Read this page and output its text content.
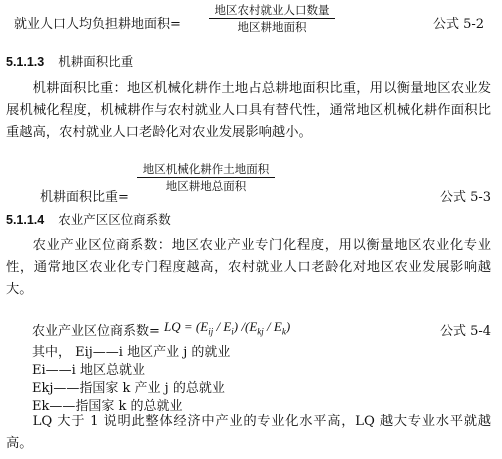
就业人口人均负担耕地面积=
地区农村就业人口数量
地区耕地面积	公式 5-2
5.1.1.3 机耕面积比重
机耕面积比重：地区机械化耕作土地占总耕地面积比重，用以衡量地区农业发展机械化程度，机械耕作与农村就业人口具有替代性，通常地区机械化耕作面积比重越高，农村就业人口老龄化对农业发展影响越小。
机耕面积比重=
地区机械化耕作土地面积
地区耕地总面积
公式 5-3
5.1.1.4 农业产区区位商系数
农业产业区位商系数：地区农业产业专门化程度，用以衡量地区农业化专业性，通常地区农业化专门程度越高，农村就业人口老龄化对地区农业发展影响越大。
农业产业区位商系数= LQ = $(E_{ij} / E_i)$ $/(E_{kj} / E_k)$	公式 5-4
其中， Eij——i 地区产业 j 的就业
Ei——i 地区总就业
Ekj——指国家 k 产业 j 的总就业
Ek——指国家 k 的总就业
LQ 大于 1 说明此整体经济中产业的专业化水平高，LQ 越大专业水平就越高。
